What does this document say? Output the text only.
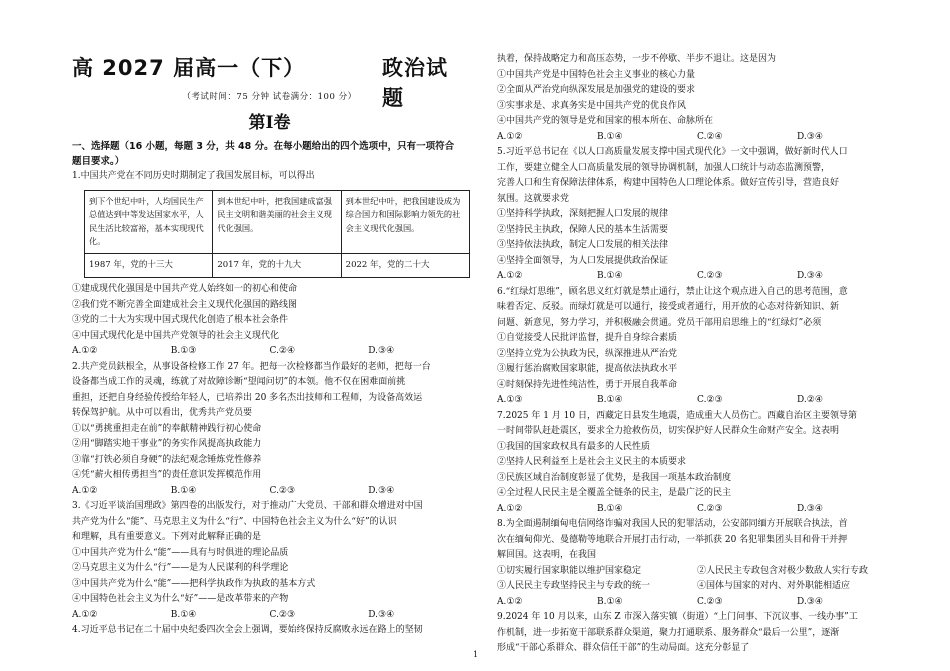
高 2027 届高一（下）	政治试题
（考试时间：75 分钟 试卷满分：100 分）
第Ⅰ卷
一、选择题（16 小题，每题 3 分，共 48 分。在每小题给出的四个选项中，只有一项符合
题目要求。）

1.中国共产党在不同历史时期制定了我国发展目标，可以得出

到下个世纪中叶，人均国民生产总值达到中等发达国家水平，人民生活比较富裕，基本实现现代化。	到本世纪中叶，把我国建成富强民主文明和谐美丽的社会主义现代化强国。	到本世纪中叶，把我国建设成为综合国力和国际影响力领先的社会主义现代化强国。
1987 年，党的十三大	2017 年，党的十九大	2022 年，党的二十大

①建成现代化强国是中国共产党人始终如一的初心和使命

②我们党不断完善全面建成社会主义现代化强国的路线图

③党的二十大为实现中国式现代化创造了根本社会条件

④中国式现代化是中国共产党领导的社会主义现代化

A.①②	B.①③	C.②④	D.③④

2.共产党员鈇根全，从事设备检修工作 27 年。把每一次检修都当作最好的老师，把每一台

设备都当成工作的灵魂，练就了对故障诊断“望闻问切”的本领。他不仅在困难面前挑

重担，还把自身经验传授给年轻人，已培养出 20 多名杰出技师和工程师，为设备高效运

转保驾护航。从中可以看出，优秀共产党员要

①以“勇挑重担走在前”的奉献精神践行初心使命

②用“脚踏实地干事业”的务实作风提高执政能力

③靠“打铁必须自身硬”的法纪观念锤炼党性修养

④凭“薪火相传勇担当”的责任意识发挥模范作用

A.①②	B.①④	C.②③	D.③④

3.《习近平谈治国理政》第四卷的出版发行，对于推动广大党员、干部和群众增进对中国

共产党为什么“能”、马克思主义为什么“行”、中国特色社会主义为什么“好”的认识

和理解，具有重要意义。下列对此解释正确的是

①中国共产党为什么“能”——具有与时俱进的理论品质

②马克思主义为什么“行”——是为人民谋利的科学理论

③中国共产党为什么“能”——把科学执政作为执政的基本方式

④中国特色社会主义为什么“好”——是改革带来的产物

A.①②	B.①④	C.②③	D.③④

4.习近平总书记在二十届中央纪委四次全会上强调，要始终保持反腐败永远在路上的坚韧

执着，保持战略定力和高压态势，一步不停歇、半步不退让。这是因为

①中国共产党是中国特色社会主义事业的核心力量

②全面从严治党向纵深发展是加强党的建设的要求

③实事求是、求真务实是中国共产党的优良作风

④中国共产党的领导是党和国家的根本所在、命脉所在

A.①②	B.①④	C.②④	D.③④

5.习近平总书记在《以人口高质量发展支撑中国式现代化》一文中强调，做好新时代人口

工作，要建立健全人口高质量发展的领导协调机制，加强人口统计与动态监测预警，

完善人口和生育保障法律体系，构建中国特色人口理论体系。做好宣传引导，营造良好

氛围。这就要求党

①坚持科学执政，深刻把握人口发展的规律

②坚持民主执政，保障人民的基本生活需要

③坚持依法执政，制定人口发展的相关法律

④坚持全面领导，为人口发展提供政治保证

A.①②	B.①④	C.②③	D.③④

6.“红绿灯思维”，顾名思义红灯就是禁止通行，禁止让这个观点进入自己的思考范围，意

味着否定、反驳。而绿灯就是可以通行，接受或者通行，用开放的心态对待新知识、新

问题、新意见，努力学习，并积极融会贯通。党员干部用启思维上的“红绿灯”必须

①自觉接受人民批评监督，提升自身综合素质

②坚持立党为公执政为民，纵深推进从严治党

③履行惩治腐败国家职能，提高依法执政水平

④时刻保持先进性纯洁性，勇于开展自我革命

A.①③	B.①④	C.②③	D.②④

7.2025 年 1 月 10 日，西藏定日县发生地震，造成重大人员伤亡。西藏自治区主要领导第

一时间带队赶赴震区，要求全力抢救伤员，切实保护好人民群众生命财产安全。这表明

①我国的国家政权具有最多的人民性质

②坚持人民利益至上是社会主义民主的本质要求

③民族区域自治制度彰显了优势，是我国一项基本政治制度

④全过程人民民主是全覆盖全链条的民主，是最广泛的民主

A.①②	B.①④	C.②③	D.③④

8.为全面遏制缅甸电信网络诈骗对我国人民的犯罪活动，公安部同缅方开展联合执法，首

次在缅甸仰光、曼德勒等地联合开展打击行动，一举抓获 20 名犯罪集团头目和骨干并押

解回国。这表明，在我国

①切实履行国家职能以维护国家稳定	②人民民主专政包含对极少数敌人实行专政
③人民民主专政坚持民主与专政的统一	④国体与国家的对内、对外职能相适应
A.①②	B.①④	C.②③	D.③④

9.2024 年 10 月以来，山东 Z 市深入落实镇（街道）“上门问事、下沉议事、一线办事”工

作机制，进一步拓宽干部联系群众渠道，聚力打通联系、服务群众“最后一公里”，逐渐

形成“干部心系群众、群众信任干部”的生动局面。这充分彰显了

1
